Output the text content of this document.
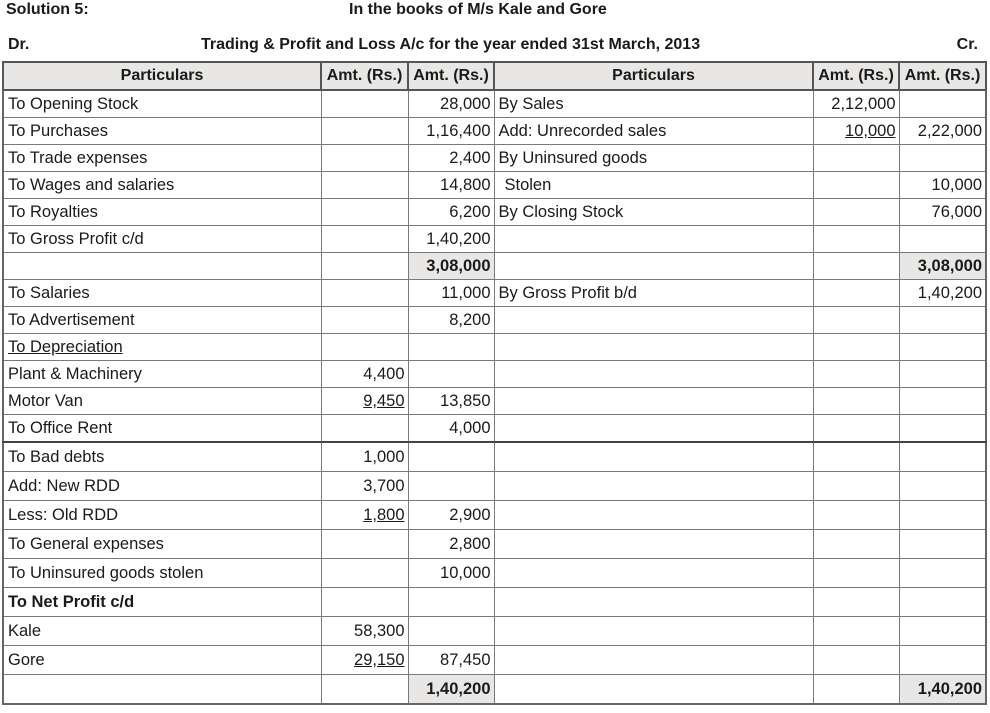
Solution 5:	In the books of M/s Kale and Gore
Dr.	Trading & Profit and Loss A/c for the year ended 31st March, 2013	Cr.
Particulars	Amt. (Rs.)	Amt. (Rs.)	Particulars	Amt. (Rs.)	Amt. (Rs.)
To Opening Stock		28,000	By Sales	2,12,000	
To Purchases		1,16,400	Add: Unrecorded sales	10,000	2,22,000
To Trade expenses		2,400	By Uninsured goods		
To Wages and salaries		14,800	Stolen		10,000
To Royalties		6,200	By Closing Stock		76,000
To Gross Profit c/d		1,40,200			
		3,08,000			3,08,000
To Salaries		11,000	By Gross Profit b/d		1,40,200
To Advertisement		8,200			
To Depreciation					
Plant & Machinery	4,400				
Motor Van	9,450	13,850			
To Office Rent		4,000			
To Bad debts	1,000				
Add: New RDD	3,700				
Less: Old RDD	1,800	2,900			
To General expenses		2,800			
To Uninsured goods stolen		10,000			
To Net Profit c/d					
Kale	58,300				
Gore	29,150	87,450			
		1,40,200			1,40,200
